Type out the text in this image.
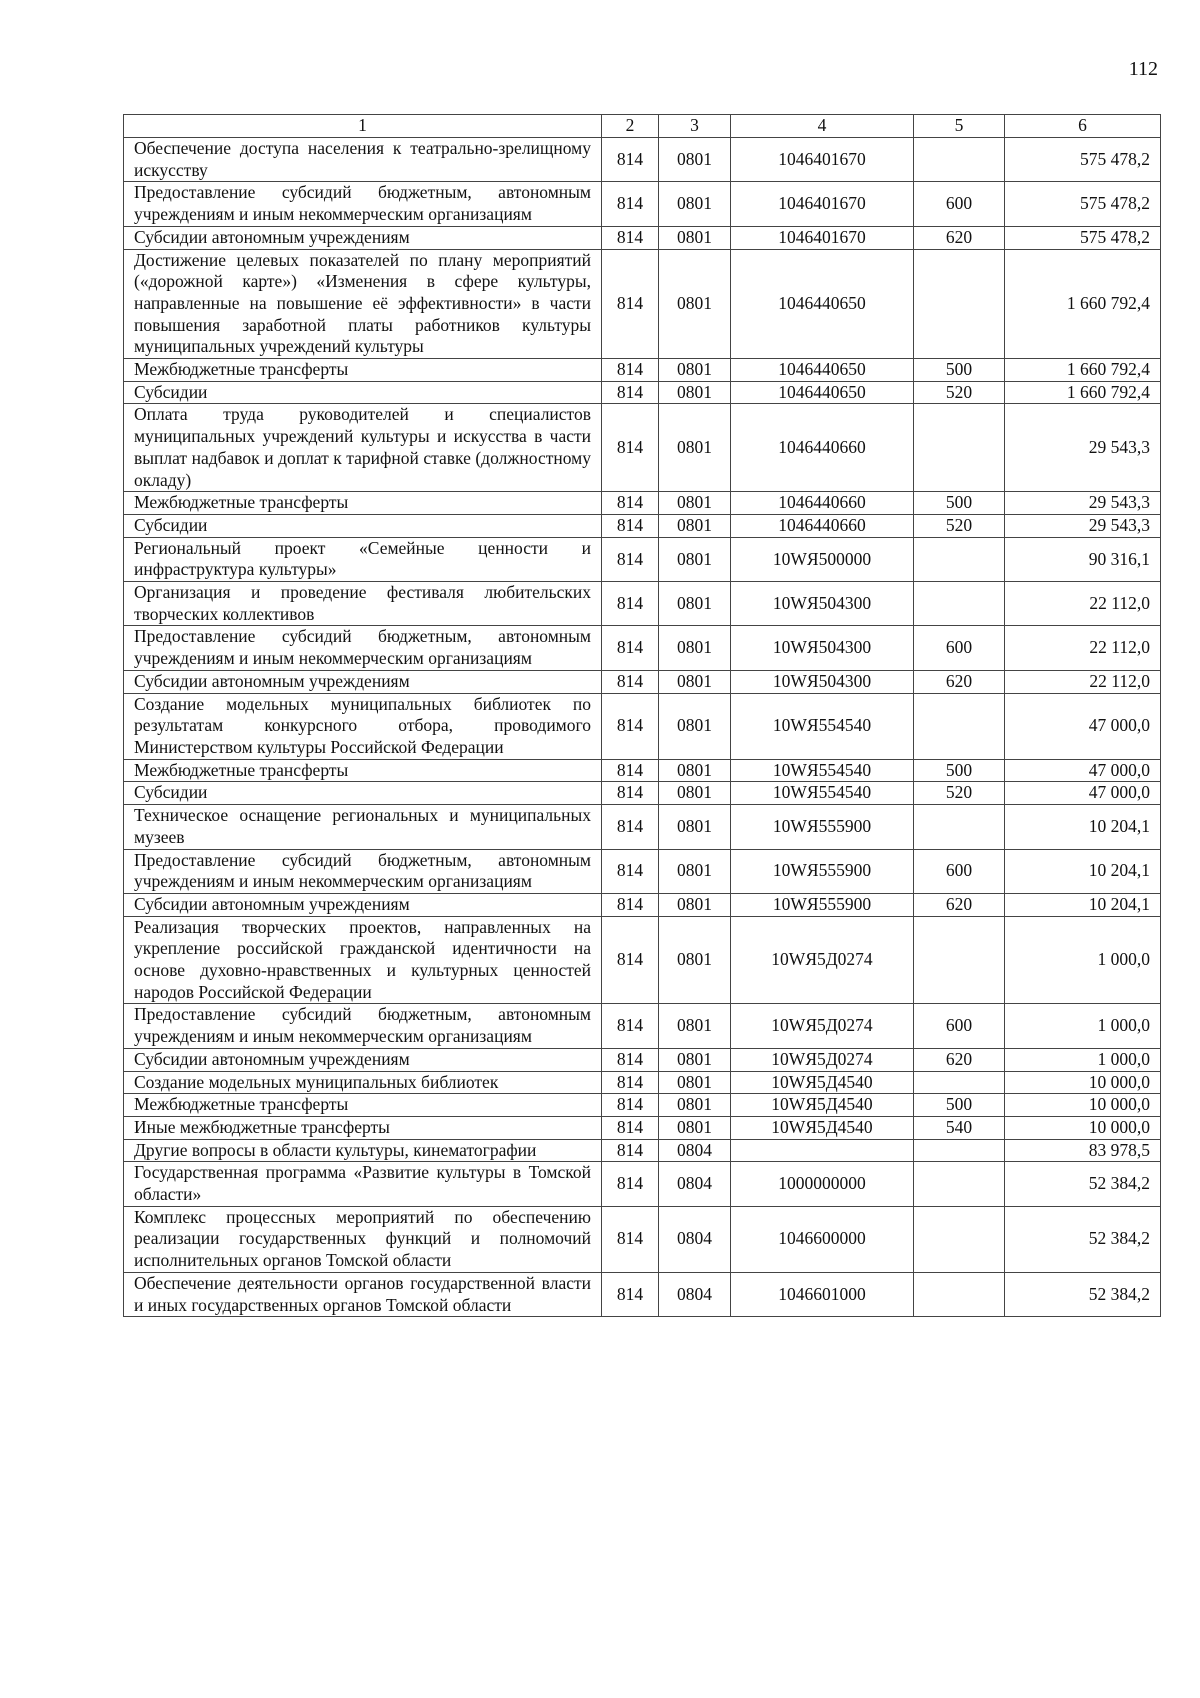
112
1	2	3	4	5	6
Обеспечение доступа населения к театрально-зрелищному искусству	814	0801	1046401670		575 478,2
Предоставление субсидий бюджетным, автономным учреждениям и иным некоммерческим организациям	814	0801	1046401670	600	575 478,2
Субсидии автономным учреждениям	814	0801	1046401670	620	575 478,2
Достижение целевых показателей по плану мероприятий («дорожной карте») «Изменения в сфере культуры, направленные на повышение её эффективности» в части повышения заработной платы работников культуры муниципальных учреждений культуры	814	0801	1046440650		1 660 792,4
Межбюджетные трансферты	814	0801	1046440650	500	1 660 792,4
Субсидии	814	0801	1046440650	520	1 660 792,4
Оплата труда руководителей и специалистов муниципальных учреждений культуры и искусства в части выплат надбавок и доплат к тарифной ставке (должностному окладу)	814	0801	1046440660		29 543,3
Межбюджетные трансферты	814	0801	1046440660	500	29 543,3
Субсидии	814	0801	1046440660	520	29 543,3
Региональный проект «Семейные ценности и инфраструктура культуры»	814	0801	10WЯ500000		90 316,1
Организация и проведение фестиваля любительских творческих коллективов	814	0801	10WЯ504300		22 112,0
Предоставление субсидий бюджетным, автономным учреждениям и иным некоммерческим организациям	814	0801	10WЯ504300	600	22 112,0
Субсидии автономным учреждениям	814	0801	10WЯ504300	620	22 112,0
Создание модельных муниципальных библиотек по результатам конкурсного отбора, проводимого Министерством культуры Российской Федерации	814	0801	10WЯ554540		47 000,0
Межбюджетные трансферты	814	0801	10WЯ554540	500	47 000,0
Субсидии	814	0801	10WЯ554540	520	47 000,0
Техническое оснащение региональных и муниципальных музеев	814	0801	10WЯ555900		10 204,1
Предоставление субсидий бюджетным, автономным учреждениям и иным некоммерческим организациям	814	0801	10WЯ555900	600	10 204,1
Субсидии автономным учреждениям	814	0801	10WЯ555900	620	10 204,1
Реализация творческих проектов, направленных на укрепление российской гражданской идентичности на основе духовно-нравственных и культурных ценностей народов Российской Федерации	814	0801	10WЯ5Д0274		1 000,0
Предоставление субсидий бюджетным, автономным учреждениям и иным некоммерческим организациям	814	0801	10WЯ5Д0274	600	1 000,0
Субсидии автономным учреждениям	814	0801	10WЯ5Д0274	620	1 000,0
Создание модельных муниципальных библиотек	814	0801	10WЯ5Д4540		10 000,0
Межбюджетные трансферты	814	0801	10WЯ5Д4540	500	10 000,0
Иные межбюджетные трансферты	814	0801	10WЯ5Д4540	540	10 000,0
Другие вопросы в области культуры, кинематографии	814	0804			83 978,5
Государственная программа «Развитие культуры в Томской области»	814	0804	1000000000		52 384,2
Комплекс процессных мероприятий по обеспечению реализации государственных функций и полномочий исполнительных органов Томской области	814	0804	1046600000		52 384,2
Обеспечение деятельности органов государственной власти и иных государственных органов Томской области	814	0804	1046601000		52 384,2
